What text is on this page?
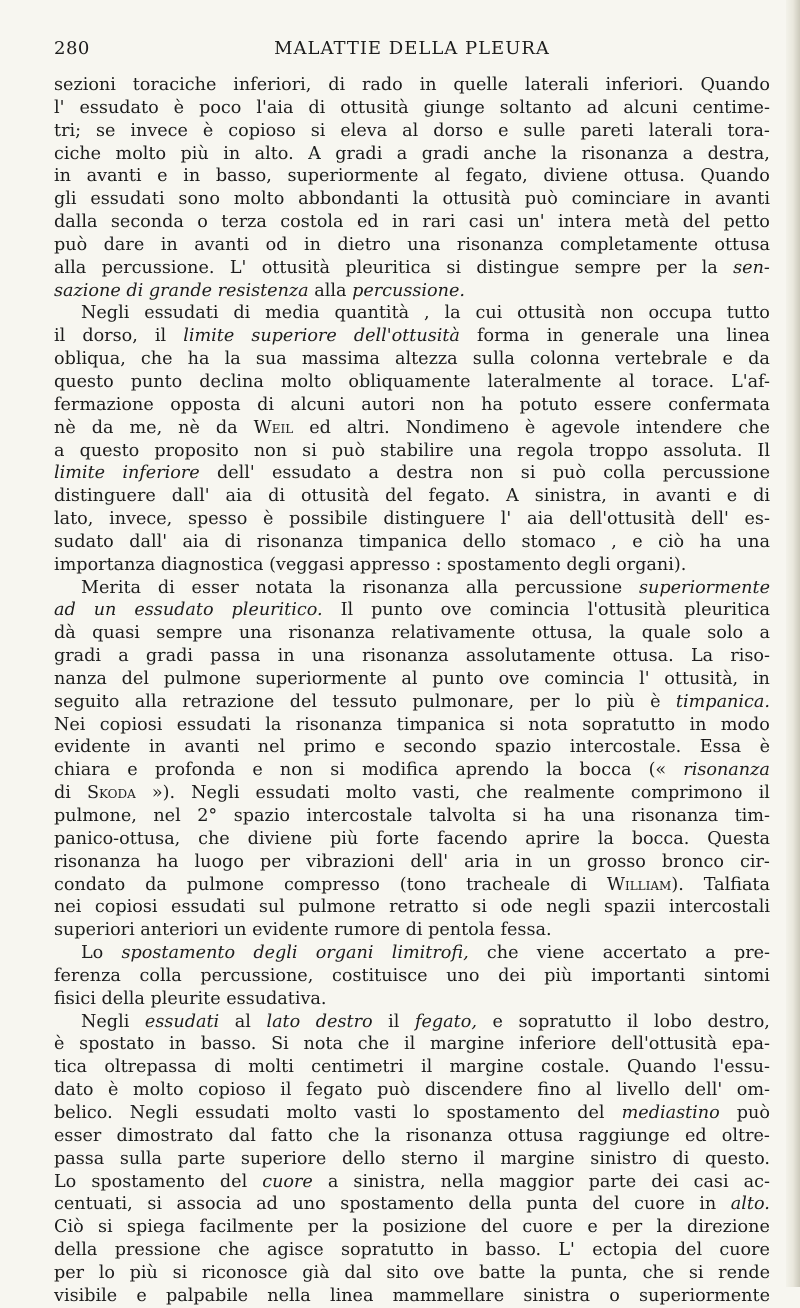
280	MALATTIE DELLA PLEURA
sezioni toraciche inferiori, di rado in quelle laterali inferiori. Quando
l' essudato è poco l'aia di ottusità giunge soltanto ad alcuni centime-
tri; se invece è copioso si eleva al dorso e sulle pareti laterali tora-
ciche molto più in alto. A gradi a gradi anche la risonanza a destra,
in avanti e in basso, superiormente al fegato, diviene ottusa. Quando
gli essudati sono molto abbondanti la ottusità può cominciare in avanti
dalla seconda o terza costola ed in rari casi un' intera metà del petto
può dare in avanti od in dietro una risonanza completamente ottusa
alla percussione. L' ottusità pleuritica si distingue sempre per la sen-
sazione di grande resistenza alla percussione.
Negli essudati di media quantità , la cui ottusità non occupa tutto
il dorso, il limite superiore dell'ottusità forma in generale una linea
obliqua, che ha la sua massima altezza sulla colonna vertebrale e da
questo punto declina molto obliquamente lateralmente al torace. L'af-
fermazione opposta di alcuni autori non ha potuto essere confermata
nè da me, nè da Weil ed altri. Nondimeno è agevole intendere che
a questo proposito non si può stabilire una regola troppo assoluta. Il
limite inferiore dell' essudato a destra non si può colla percussione
distinguere dall' aia di ottusità del fegato. A sinistra, in avanti e di
lato, invece, spesso è possibile distinguere l' aia dell'ottusità dell' es-
sudato dall' aia di risonanza timpanica dello stomaco , e ciò ha una
importanza diagnostica (veggasi appresso : spostamento degli organi).
Merita di esser notata la risonanza alla percussione superiormente
ad un essudato pleuritico. Il punto ove comincia l'ottusità pleuritica
dà quasi sempre una risonanza relativamente ottusa, la quale solo a
gradi a gradi passa in una risonanza assolutamente ottusa. La riso-
nanza del pulmone superiormente al punto ove comincia l' ottusità, in
seguito alla retrazione del tessuto pulmonare, per lo più è timpanica.
Nei copiosi essudati la risonanza timpanica si nota sopratutto in modo
evidente in avanti nel primo e secondo spazio intercostale. Essa è
chiara e profonda e non si modifica aprendo la bocca (« risonanza
di Skoda »). Negli essudati molto vasti, che realmente comprimono il
pulmone, nel 2° spazio intercostale talvolta si ha una risonanza tim-
panico-ottusa, che diviene più forte facendo aprire la bocca. Questa
risonanza ha luogo per vibrazioni dell' aria in un grosso bronco cir-
condato da pulmone compresso (tono tracheale di William). Talfiata
nei copiosi essudati sul pulmone retratto si ode negli spazii intercostali
superiori anteriori un evidente rumore di pentola fessa.
Lo spostamento degli organi limitrofi, che viene accertato a pre-
ferenza colla percussione, costituisce uno dei più importanti sintomi
fisici della pleurite essudativa.
Negli essudati al lato destro il fegato, e sopratutto il lobo destro,
è spostato in basso. Si nota che il margine inferiore dell'ottusità epa-
tica oltrepassa di molti centimetri il margine costale. Quando l'essu-
dato è molto copioso il fegato può discendere fino al livello dell' om-
belico. Negli essudati molto vasti lo spostamento del mediastino può
esser dimostrato dal fatto che la risonanza ottusa raggiunge ed oltre-
passa sulla parte superiore dello sterno il margine sinistro di questo.
Lo spostamento del cuore a sinistra, nella maggior parte dei casi ac-
centuati, si associa ad uno spostamento della punta del cuore in alto.
Ciò si spiega facilmente per la posizione del cuore e per la direzione
della pressione che agisce sopratutto in basso. L' ectopia del cuore
per lo più si riconosce già dal sito ove batte la punta, che si rende
visibile e palpabile nella linea mammellare sinistra o superiormente
